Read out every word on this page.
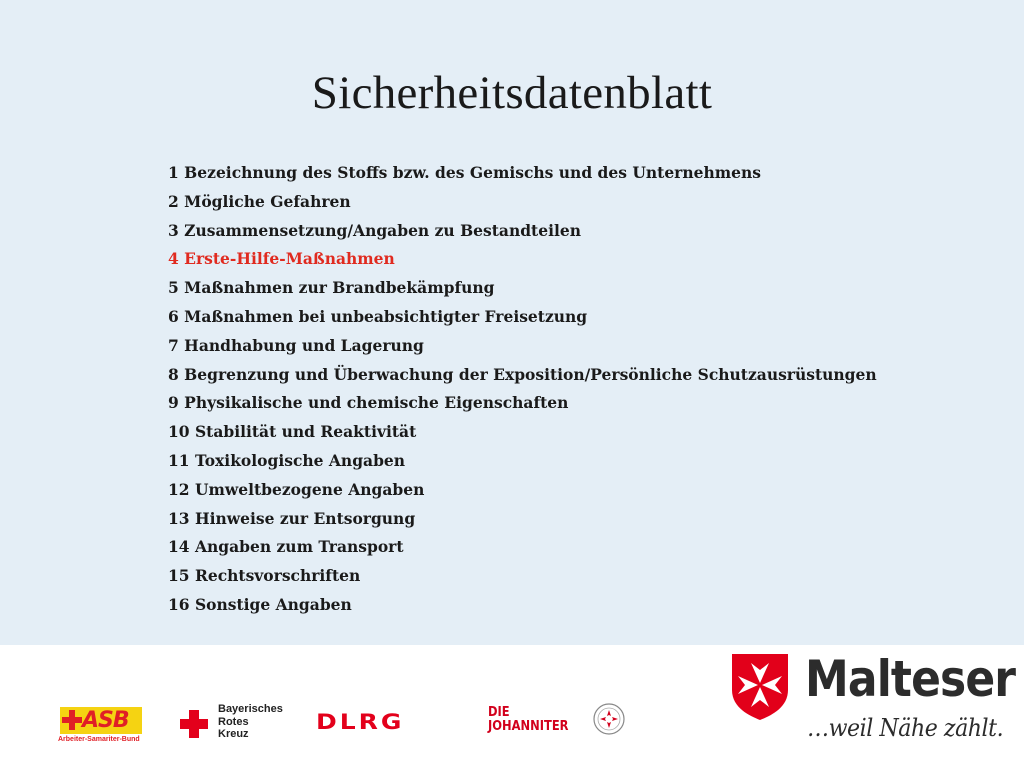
Sicherheitsdatenblatt
1 Bezeichnung des Stoffs bzw. des Gemischs und des Unternehmens
2 Mögliche Gefahren
3 Zusammensetzung/Angaben zu Bestandteilen
4 Erste-Hilfe-Maßnahmen
5 Maßnahmen zur Brandbekämpfung
6 Maßnahmen bei unbeabsichtigter Freisetzung
7 Handhabung und Lagerung
8 Begrenzung und Überwachung der Exposition/Persönliche Schutzausrüstungen
9 Physikalische und chemische Eigenschaften
10 Stabilität und Reaktivität
11 Toxikologische Angaben
12 Umweltbezogene Angaben
13 Hinweise zur Entsorgung
14 Angaben zum Transport
15 Rechtsvorschriften
16 Sonstige Angaben
ASB
Arbeiter-Samariter-Bund
Bayerisches
Rotes
Kreuz
DLRG	DIE
JOHANNITER
Malteser
…weil Nähe zählt.
